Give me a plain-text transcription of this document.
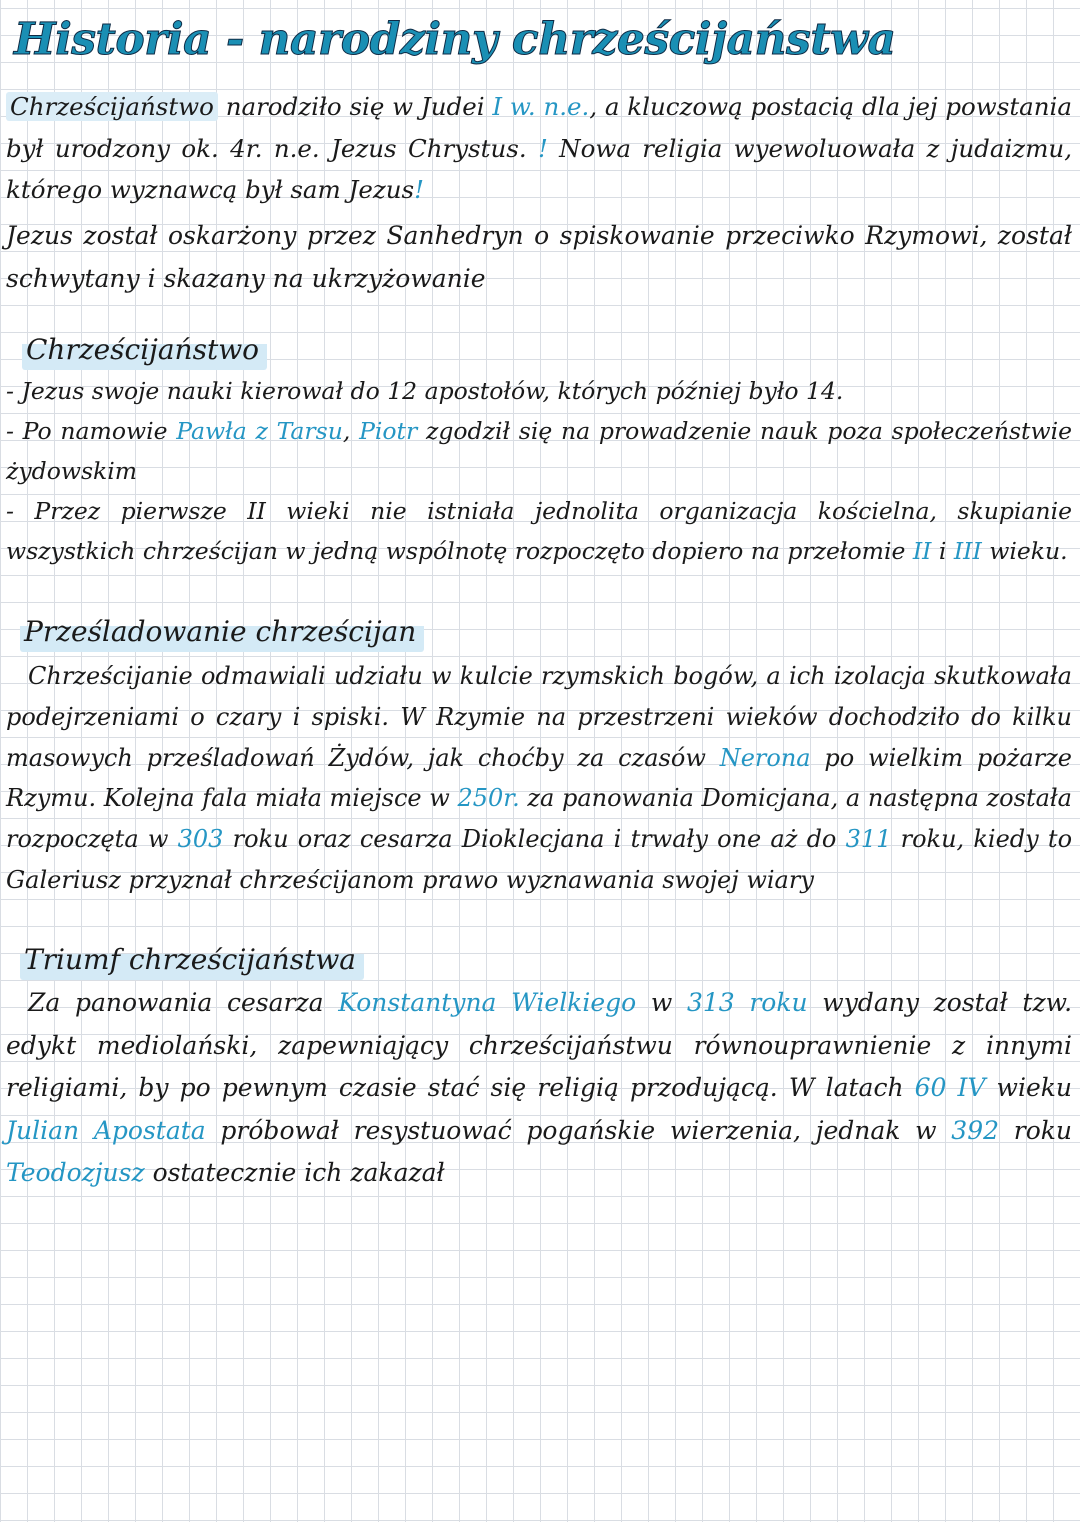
Historia - narodziny chrześcijaństwa

Chrześcijaństwo narodziło się w Judei I w. n.e., a kluczową postacią dla jej powstania był urodzony ok. 4r. n.e. Jezus Chrystus. ! Nowa religia wyewoluowała z judaizmu, którego wyznawcą był sam Jezus!

Jezus został oskarżony przez Sanhedryn o spiskowanie przeciwko Rzymowi, został schwytany i skazany na ukrzyżowanie

Chrześcijaństwo
- Jezus swoje nauki kierował do 12 apostołów, których później było 14.
- Po namowie Pawła z Tarsu, Piotr zgodził się na prowadzenie nauk poza społeczeństwie żydowskim
- Przez pierwsze II wieki nie istniała jednolita organizacja kościelna, skupianie wszystkich chrześcijan w jedną wspólnotę rozpoczęto dopiero na przełomie II i III wieku.
Prześladowanie chrześcijan

Chrześcijanie odmawiali udziału w kulcie rzymskich bogów, a ich izolacja skutkowała podejrzeniami o czary i spiski. W Rzymie na przestrzeni wieków dochodziło do kilku masowych prześladowań Żydów, jak choćby za czasów Nerona po wielkim pożarze Rzymu. Kolejna fala miała miejsce w 250r. za panowania Domicjana, a następna została rozpoczęta w 303 roku oraz cesarza Dioklecjana i trwały one aż do 311 roku, kiedy to Galeriusz przyznał chrześcijanom prawo wyznawania swojej wiary

Triumf chrześcijaństwa

Za panowania cesarza Konstantyna Wielkiego w 313 roku wydany został tzw. edykt mediolański, zapewniający chrześcijaństwu równouprawnienie z innymi religiami, by po pewnym czasie stać się religią przodującą. W latach 60 IV wieku Julian Apostata próbował resystuować pogańskie wierzenia, jednak w 392 roku Teodozjusz ostatecznie ich zakazał
